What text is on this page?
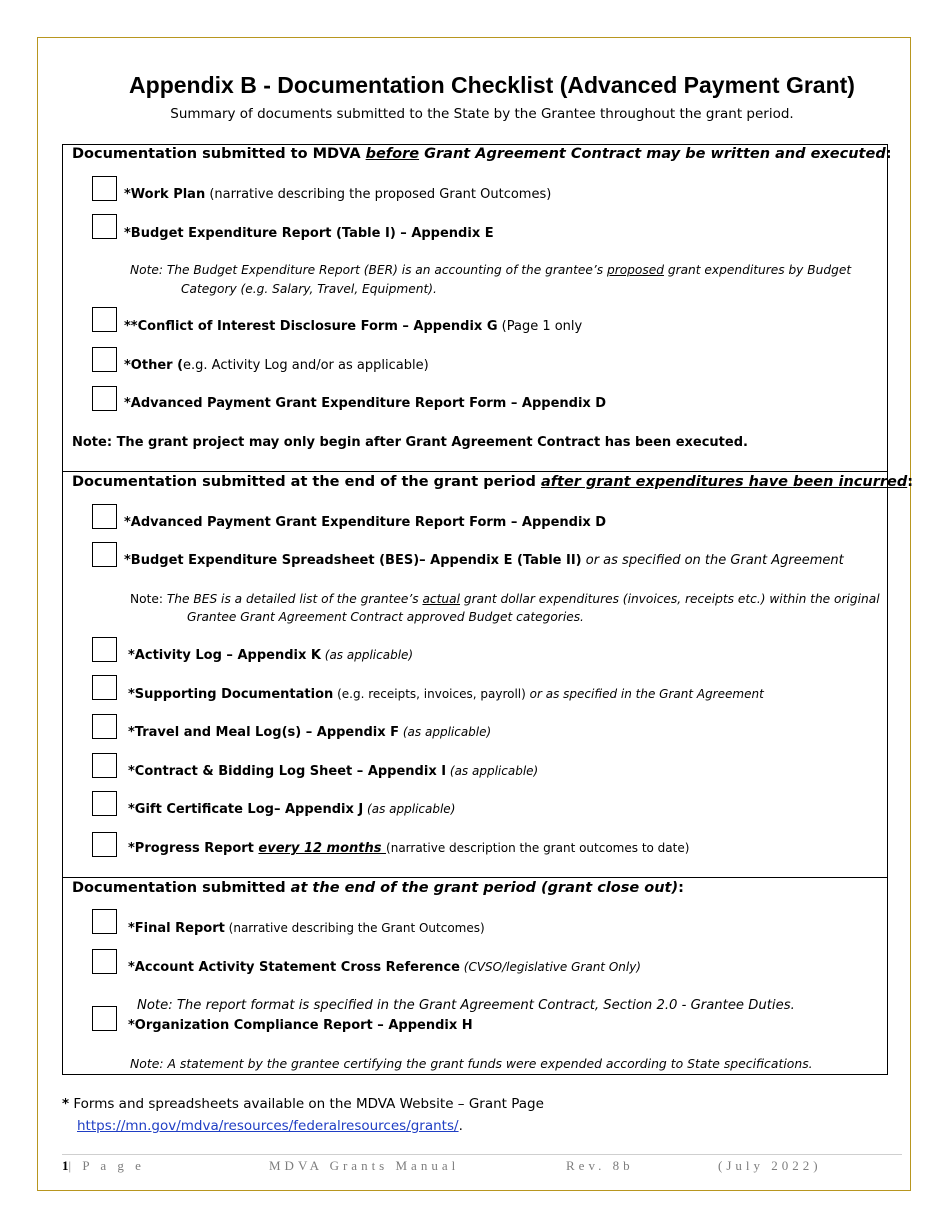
Appendix B - Documentation Checklist (Advanced Payment Grant)
Summary of documents submitted to the State by the Grantee throughout the grant period.
Documentation submitted to MDVA before Grant Agreement Contract may be written and executed:
*Work Plan (narrative describing the proposed Grant Outcomes)
*Budget Expenditure Report (Table I) – Appendix E
Note: The Budget Expenditure Report (BER) is an accounting of the grantee’s proposed grant expenditures by Budget
Category (e.g. Salary, Travel, Equipment).
**Conflict of Interest Disclosure Form – Appendix G (Page 1 only
*Other (e.g. Activity Log and/or as applicable)
*Advanced Payment Grant Expenditure Report Form – Appendix D
Note: The grant project may only begin after Grant Agreement Contract has been executed.
Documentation submitted at the end of the grant period after grant expenditures have been incurred:
*Advanced Payment Grant Expenditure Report Form – Appendix D
*Budget Expenditure Spreadsheet (BES)– Appendix E (Table II) or as specified on the Grant Agreement
Note: The BES is a detailed list of the grantee’s actual grant dollar expenditures (invoices, receipts etc.) within the original
Grantee Grant Agreement Contract approved Budget categories.
*Activity Log – Appendix K (as applicable)
*Supporting Documentation (e.g. receipts, invoices, payroll) or as specified in the Grant Agreement
*Travel and Meal Log(s) – Appendix F (as applicable)
*Contract & Bidding Log Sheet – Appendix I (as applicable)
*Gift Certificate Log– Appendix J (as applicable)
*Progress Report every 12 months (narrative description the grant outcomes to date)
Documentation submitted at the end of the grant period (grant close out):
*Final Report (narrative describing the Grant Outcomes)
*Account Activity Statement Cross Reference (CVSO/legislative Grant Only)
Note: The report format is specified in the Grant Agreement Contract, Section 2.0 - Grantee Duties.
*Organization Compliance Report – Appendix H
Note: A statement by the grantee certifying the grant funds were expended according to State specifications.
* Forms and spreadsheets available on the MDVA Website – Grant Page
https://mn.gov/mdva/resources/federalresources/grants/.
1| P a g e	MDVA Grants Manual	Rev. 8b	(July 2022)
